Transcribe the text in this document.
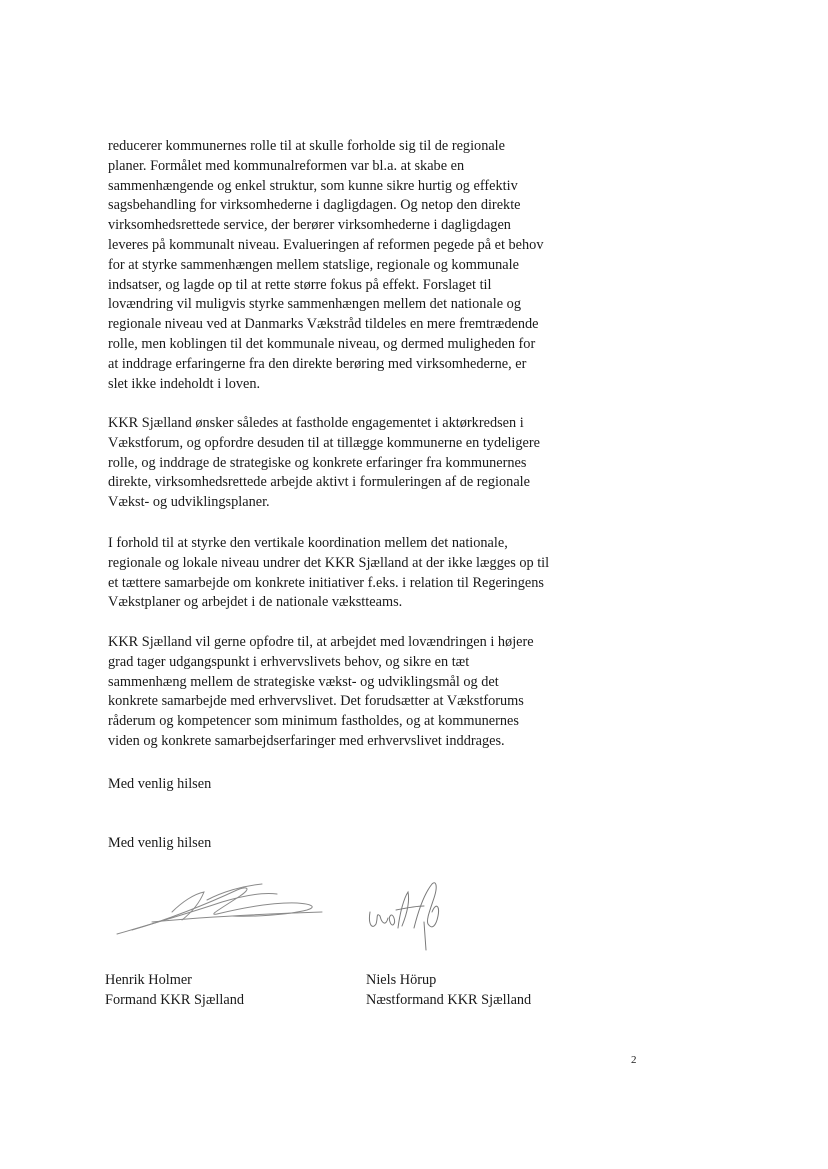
reducerer kommunernes rolle til at skulle forholde sig til de regionale
planer. Formålet med kommunalreformen var bl.a. at skabe en
sammenhængende og enkel struktur, som kunne sikre hurtig og effektiv
sagsbehandling for virksomhederne i dagligdagen. Og netop den direkte
virksomhedsrettede service, der berører virksomhederne i dagligdagen
leveres på kommunalt niveau. Evalueringen af reformen pegede på et behov
for at styrke sammenhængen mellem statslige, regionale og kommunale
indsatser, og lagde op til at rette større fokus på effekt. Forslaget til
lovændring vil muligvis styrke sammenhængen mellem det nationale og
regionale niveau ved at Danmarks Vækstråd tildeles en mere fremtrædende
rolle, men koblingen til det kommunale niveau, og dermed muligheden for
at inddrage erfaringerne fra den direkte berøring med virksomhederne, er
slet ikke indeholdt i loven.

KKR Sjælland ønsker således at fastholde engagementet i aktørkredsen i
Vækstforum, og opfordre desuden til at tillægge kommunerne en tydeligere
rolle, og inddrage de strategiske og konkrete erfaringer fra kommunernes
direkte, virksomhedsrettede arbejde aktivt i formuleringen af de regionale
Vækst- og udviklingsplaner.

I forhold til at styrke den vertikale koordination mellem det nationale,
regionale og lokale niveau undrer det KKR Sjælland at der ikke lægges op til
et tættere samarbejde om konkrete initiativer f.eks. i relation til Regeringens
Vækstplaner og arbejdet i de nationale vækstteams.

KKR Sjælland vil gerne opfodre til, at arbejdet med lovændringen i højere
grad tager udgangspunkt i erhvervslivets behov, og sikre en tæt
sammenhæng mellem de strategiske vækst- og udviklingsmål og det
konkrete samarbejde med erhvervslivet. Det forudsætter at Vækstforums
råderum og kompetencer som minimum fastholdes, og at kommunernes
viden og konkrete samarbejdserfaringer med erhvervslivet inddrages.

Med venlig hilsen
Med venlig hilsen
Henrik Holmer
Formand KKR Sjælland
Niels Hörup
Næstformand KKR Sjælland
2
